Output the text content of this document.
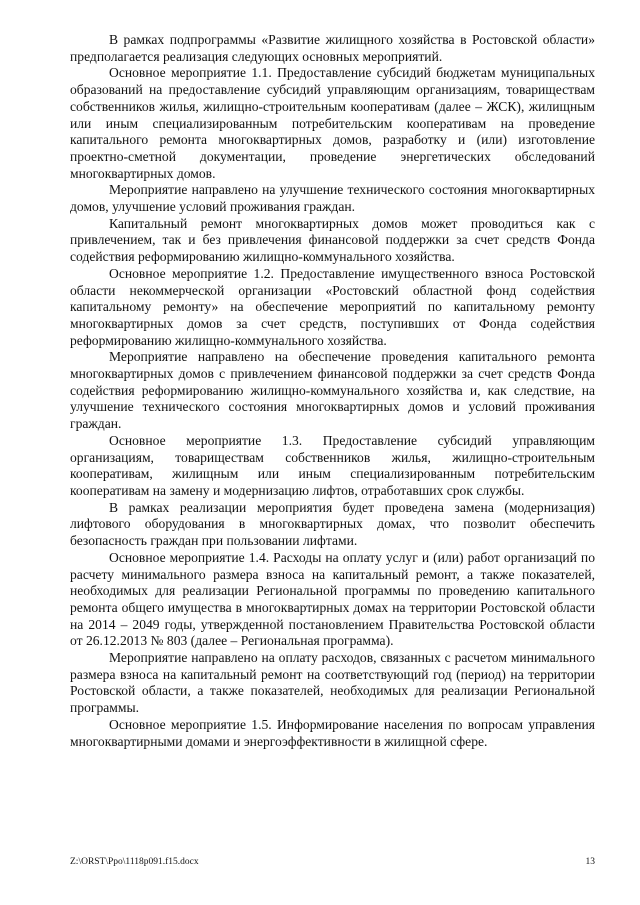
В рамках подпрограммы «Развитие жилищного хозяйства в Ростовской области» предполагается реализация следующих основных мероприятий.

Основное мероприятие 1.1. Предоставление субсидий бюджетам муниципальных образований на предоставление субсидий управляющим организациям, товариществам собственников жилья, жилищно-строительным кооперативам (далее – ЖСК), жилищным или иным специализированным потребительским кооперативам на проведение капитального ремонта многоквартирных домов, разработку и (или) изготовление проектно-сметной документации, проведение энергетических обследований многоквартирных домов.

Мероприятие направлено на улучшение технического состояния многоквартирных домов, улучшение условий проживания граждан.

Капитальный ремонт многоквартирных домов может проводиться как с привлечением, так и без привлечения финансовой поддержки за счет средств Фонда содействия реформированию жилищно-коммунального хозяйства.

Основное мероприятие 1.2. Предоставление имущественного взноса Ростовской области некоммерческой организации «Ростовский областной фонд содействия капитальному ремонту» на обеспечение мероприятий по капитальному ремонту многоквартирных домов за счет средств, поступивших от Фонда содействия реформированию жилищно-коммунального хозяйства.

Мероприятие направлено на обеспечение проведения капитального ремонта многоквартирных домов с привлечением финансовой поддержки за счет средств Фонда содействия реформированию жилищно-коммунального хозяйства и, как следствие, на улучшение технического состояния многоквартирных домов и условий проживания граждан.

Основное мероприятие 1.3. Предоставление субсидий управляющим организациям, товариществам собственников жилья, жилищно-строительным кооперативам, жилищным или иным специализированным потребительским кооперативам на замену и модернизацию лифтов, отработавших срок службы.

В рамках реализации мероприятия будет проведена замена (модернизация) лифтового оборудования в многоквартирных домах, что позволит обеспечить безопасность граждан при пользовании лифтами.

Основное мероприятие 1.4. Расходы на оплату услуг и (или) работ организаций по расчету минимального размера взноса на капитальный ремонт, а также показателей, необходимых для реализации Региональной программы по проведению капитального ремонта общего имущества в многоквартирных домах на территории Ростовской области на 2014 – 2049 годы, утвержденной постановлением Правительства Ростовской области от 26.12.2013 № 803 (далее – Региональная программа).

Мероприятие направлено на оплату расходов, связанных с расчетом минимального размера взноса на капитальный ремонт на соответствующий год (период) на территории Ростовской области, а также показателей, необходимых для реализации Региональной программы.

Основное мероприятие 1.5. Информирование населения по вопросам управления многоквартирными домами и энергоэффективности в жилищной сфере.

Z:\ORST\Ppo\1118p091.f15.docx	13
